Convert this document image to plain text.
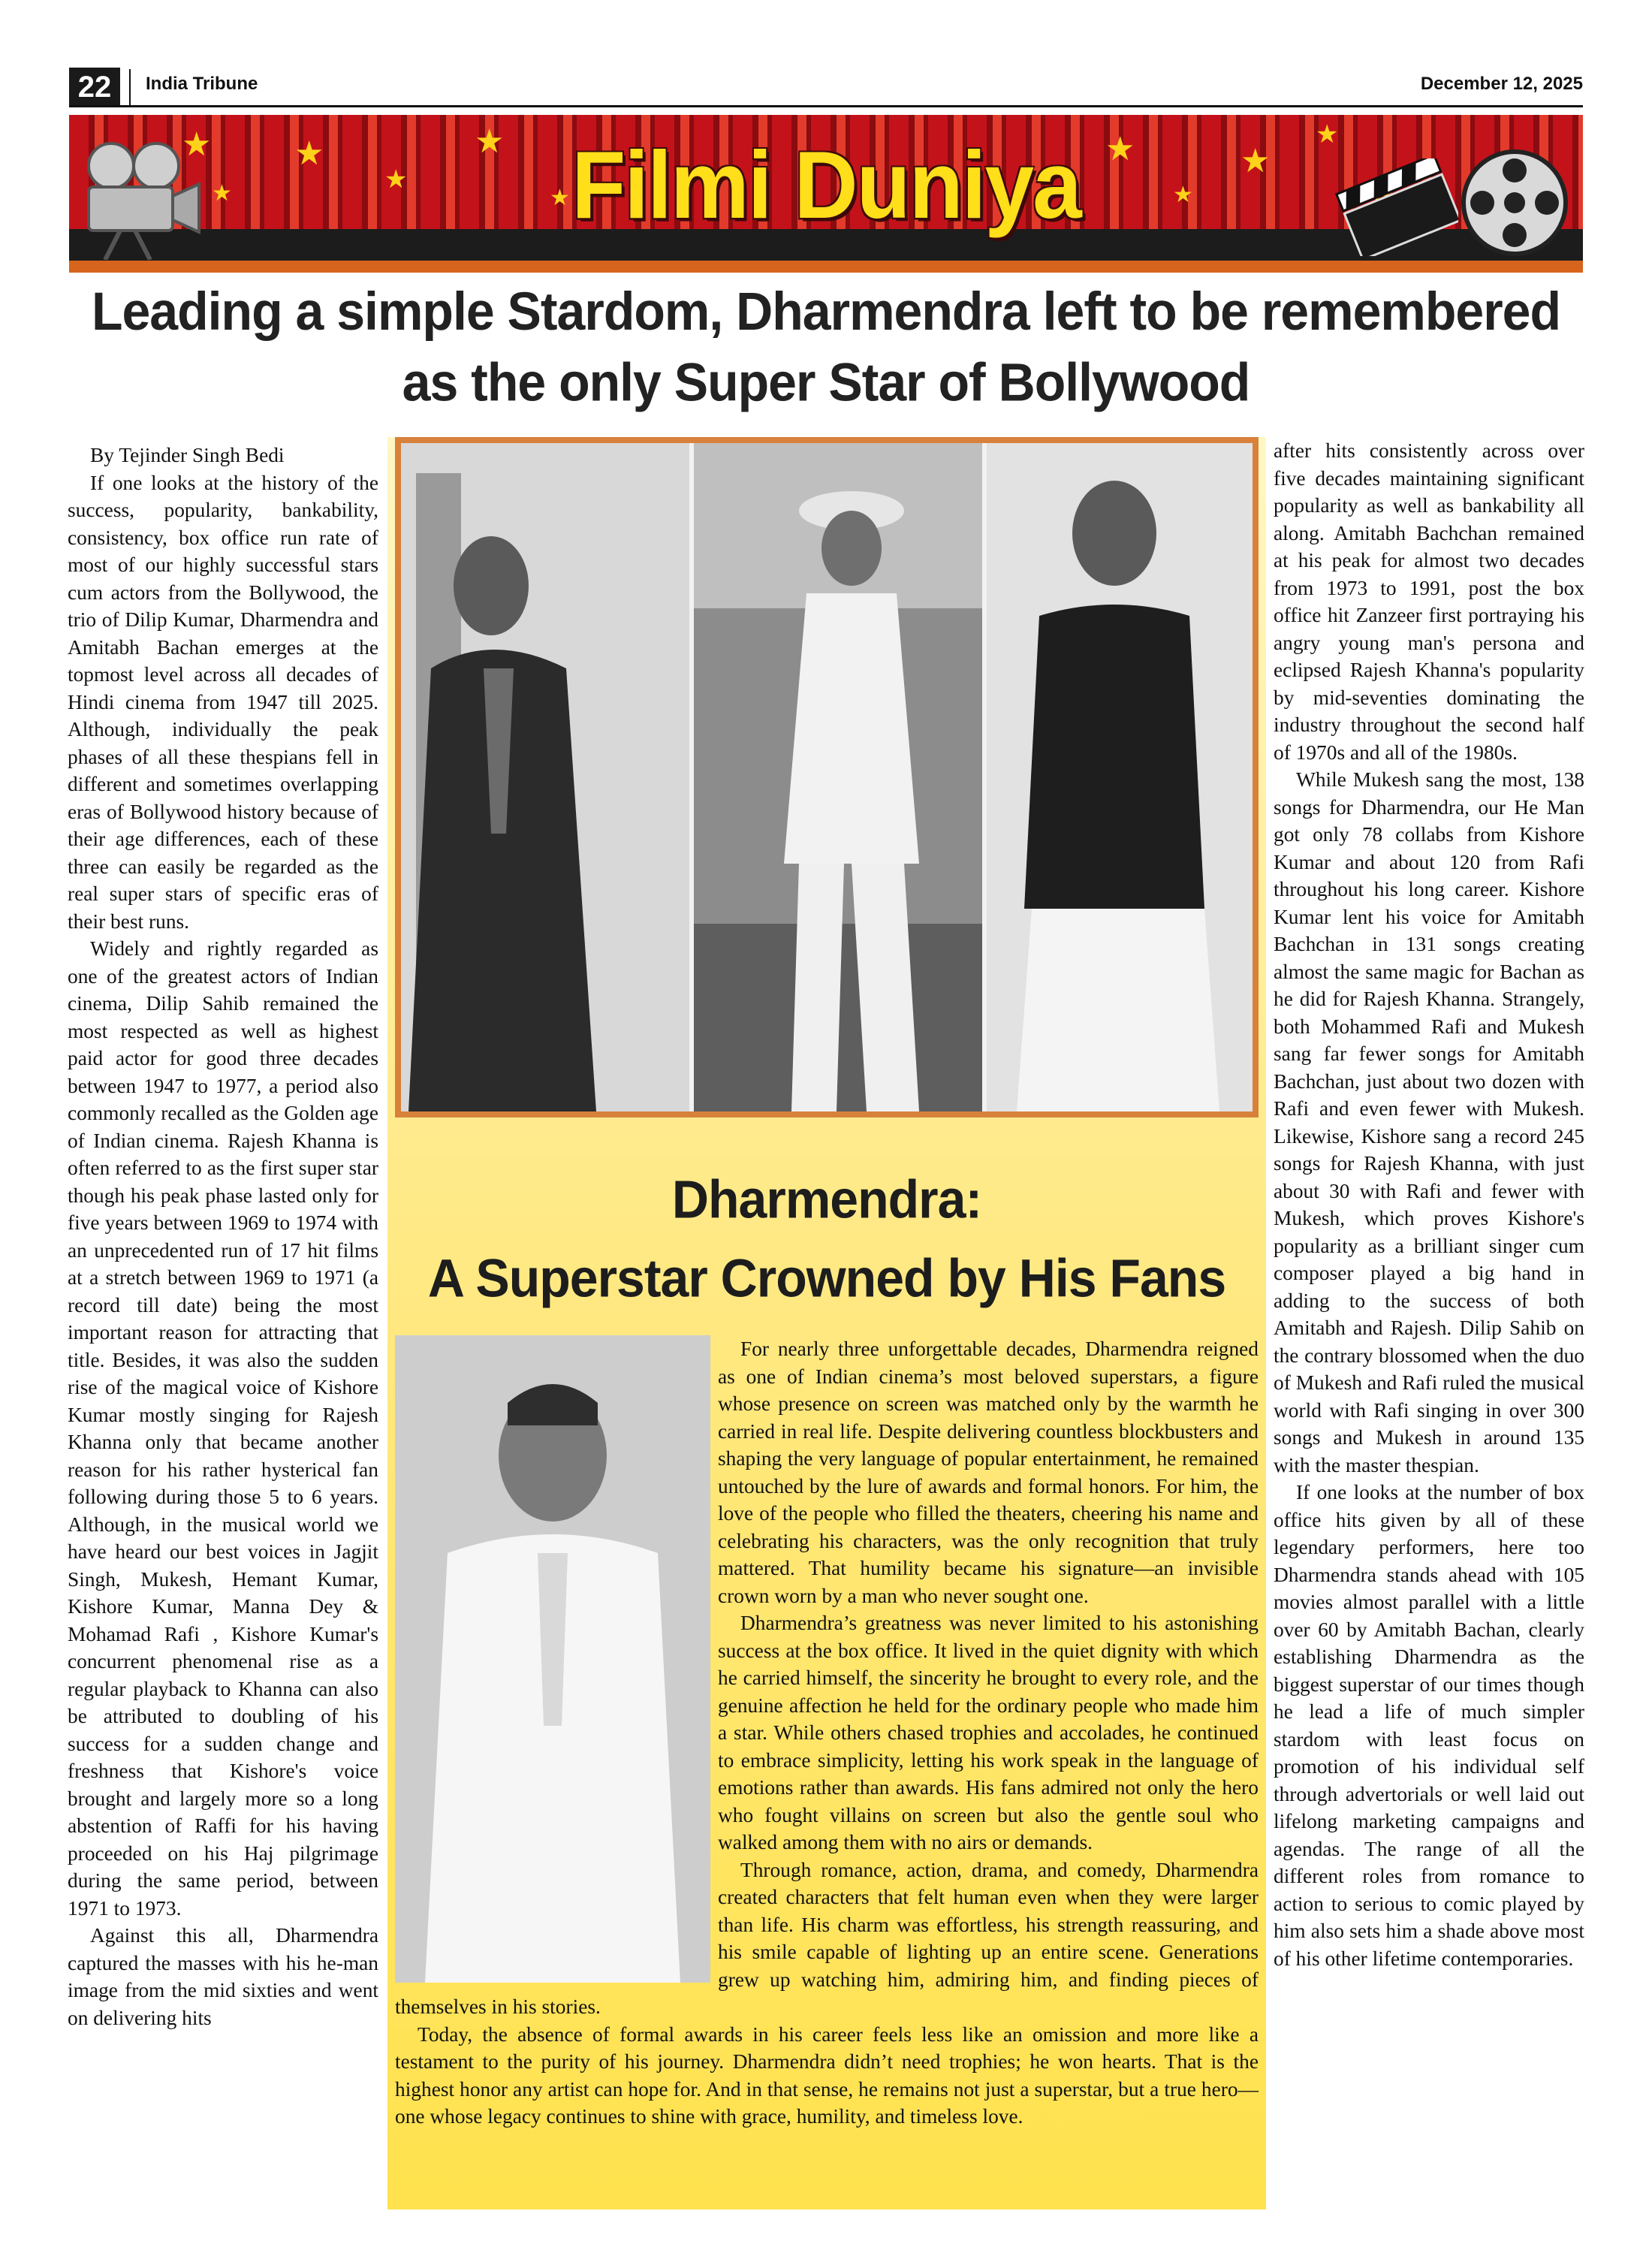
22	India Tribune	December 12, 2025
★
★
★
★
★
★
★
★
★
★
Filmi Duniya
Leading a simple Stardom, Dharmendra left to be remembered
as the only Super Star of Bollywood

By Tejinder Singh Bedi

If one looks at the history of the success, popularity, bankability, consistency, box office run rate of most of our highly successful stars cum actors from the Bollywood, the trio of Dilip Kumar, Dharmendra and Amitabh Bachan emerges at the topmost level across all decades of Hindi cinema from 1947 till 2025. Although, individually the peak phases of all these thespians fell in different and sometimes overlapping eras of Bollywood history because of their age differences, each of these three can easily be regarded as the real super stars of specific eras of their best runs.

Widely and rightly regarded as one of the greatest actors of Indian cinema, Dilip Sahib remained the most respected as well as highest paid actor for good three decades between 1947 to 1977, a period also commonly recalled as the Golden age of Indian cinema. Rajesh Khanna is often referred to as the first super star though his peak phase lasted only for five years between 1969 to 1974 with an unprecedented run of 17 hit films at a stretch between 1969 to 1971 (a record till date) being the most important reason for attracting that title. Besides, it was also the sudden rise of the magical voice of Kishore Kumar mostly singing for Rajesh Khanna only that became another reason for his rather hysterical fan following during those 5 to 6 years. Although, in the musical world we have heard our best voices in Jagjit Singh, Mukesh, Hemant Kumar, Kishore Kumar, Manna Dey & Mohamad Rafi , Kishore Kumar's concurrent phenomenal rise as a regular playback to Khanna can also be attributed to doubling of his success for a sudden change and freshness that Kishore's voice brought and largely more so a long abstention of Raffi for his having proceeded on his Haj pilgrimage during the same period, between 1971 to 1973.

Against this all, Dharmendra captured the masses with his he-man image from the mid sixties and went on delivering hits

Dharmendra:
A Superstar Crowned by His Fans

For nearly three unforgettable decades, Dharmendra reigned as one of Indian cinema’s most beloved superstars, a figure whose presence on screen was matched only by the warmth he carried in real life. Despite delivering countless blockbusters and shaping the very language of popular entertainment, he remained untouched by the lure of awards and formal honors. For him, the love of the people who filled the theaters, cheering his name and celebrating his characters, was the only recognition that truly mattered. That humility became his signature—an invisible crown worn by a man who never sought one.

Dharmendra’s greatness was never limited to his astonishing success at the box office. It lived in the quiet dignity with which he carried himself, the sincerity he brought to every role, and the genuine affection he held for the ordinary people who made him a star. While others chased trophies and accolades, he continued to embrace simplicity, letting his work speak in the language of emotions rather than awards. His fans admired not only the hero who fought villains on screen but also the gentle soul who walked among them with no airs or demands.

Through romance, action, drama, and comedy, Dharmendra created characters that felt human even when they were larger than life. His charm was effortless, his strength reassuring, and his smile capable of lighting up an entire scene. Generations grew up watching him, admiring him, and finding pieces of themselves in his stories.

Today, the absence of formal awards in his career feels less like an omission and more like a testament to the purity of his journey. Dharmendra didn’t need trophies; he won hearts. That is the highest honor any artist can hope for. And in that sense, he remains not just a superstar, but a true hero—one whose legacy continues to shine with grace, humility, and timeless love.

after hits consistently across over five decades maintaining significant popularity as well as bankability all along. Amitabh Bachchan remained at his peak for almost two decades from 1973 to 1991, post the box office hit Zanzeer first portraying his angry young man's persona and eclipsed Rajesh Khanna's popularity by mid-seventies dominating the industry throughout the second half of 1970s and all of the 1980s.

While Mukesh sang the most, 138 songs for Dharmendra, our He Man got only 78 collabs from Kishore Kumar and about 120 from Rafi throughout his long career. Kishore Kumar lent his voice for Amitabh Bachchan in 131 songs creating almost the same magic for Bachan as he did for Rajesh Khanna. Strangely, both Mohammed Rafi and Mukesh sang far fewer songs for Amitabh Bachchan, just about two dozen with Rafi and even fewer with Mukesh. Likewise, Kishore sang a record 245 songs for Rajesh Khanna, with just about 30 with Rafi and fewer with Mukesh, which proves Kishore's popularity as a brilliant singer cum composer played a big hand in adding to the success of both Amitabh and Rajesh. Dilip Sahib on the contrary blossomed when the duo of Mukesh and Rafi ruled the musical world with Rafi singing in over 300 songs and Mukesh in around 135 with the master thespian.

If one looks at the number of box office hits given by all of these legendary performers, here too Dharmendra stands ahead with 105 movies almost parallel with a little over 60 by Amitabh Bachan, clearly establishing Dharmendra as the biggest superstar of our times though he lead a life of much simpler stardom with least focus on promotion of his individual self through advertorials or well laid out lifelong marketing campaigns and agendas. The range of all the different roles from romance to action to serious to comic played by him also sets him a shade above most of his other lifetime contemporaries.
